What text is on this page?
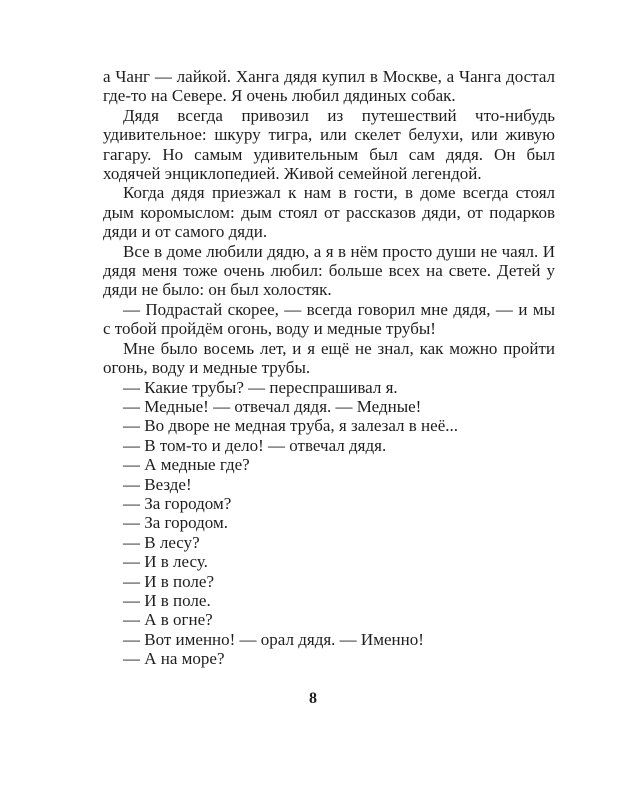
а Чанг — лайкой. Ханга дядя купил в Москве, а Чанга достал где-то на Севере. Я очень любил дядиных собак.

Дядя всегда привозил из путешествий что-нибудь удивительное: шкуру тигра, или скелет белухи, или живую гагару. Но самым удивительным был сам дядя. Он был ходячей энциклопедией. Живой семейной легендой.

Когда дядя приезжал к нам в гости, в доме всегда стоял дым коромыслом: дым стоял от рассказов дяди, от подарков дяди и от самого дяди.

Все в доме любили дядю, а я в нём просто души не чаял. И дядя меня тоже очень любил: больше всех на свете. Детей у дяди не было: он был холостяк.

— Подрастай скорее, — всегда говорил мне дядя, — и мы с тобой пройдём огонь, воду и медные трубы!

Мне было восемь лет, и я ещё не знал, как можно пройти огонь, воду и медные трубы.

— Какие трубы? — переспрашивал я.

— Медные! — отвечал дядя. — Медные!

— Во дворе не медная труба, я залезал в неё...

— В том-то и дело! — отвечал дядя.

— А медные где?

— Везде!

— За городом?

— За городом.

— В лесу?

— И в лесу.

— И в поле?

— И в поле.

— А в огне?

— Вот именно! — орал дядя. — Именно!

— А на море?

8
